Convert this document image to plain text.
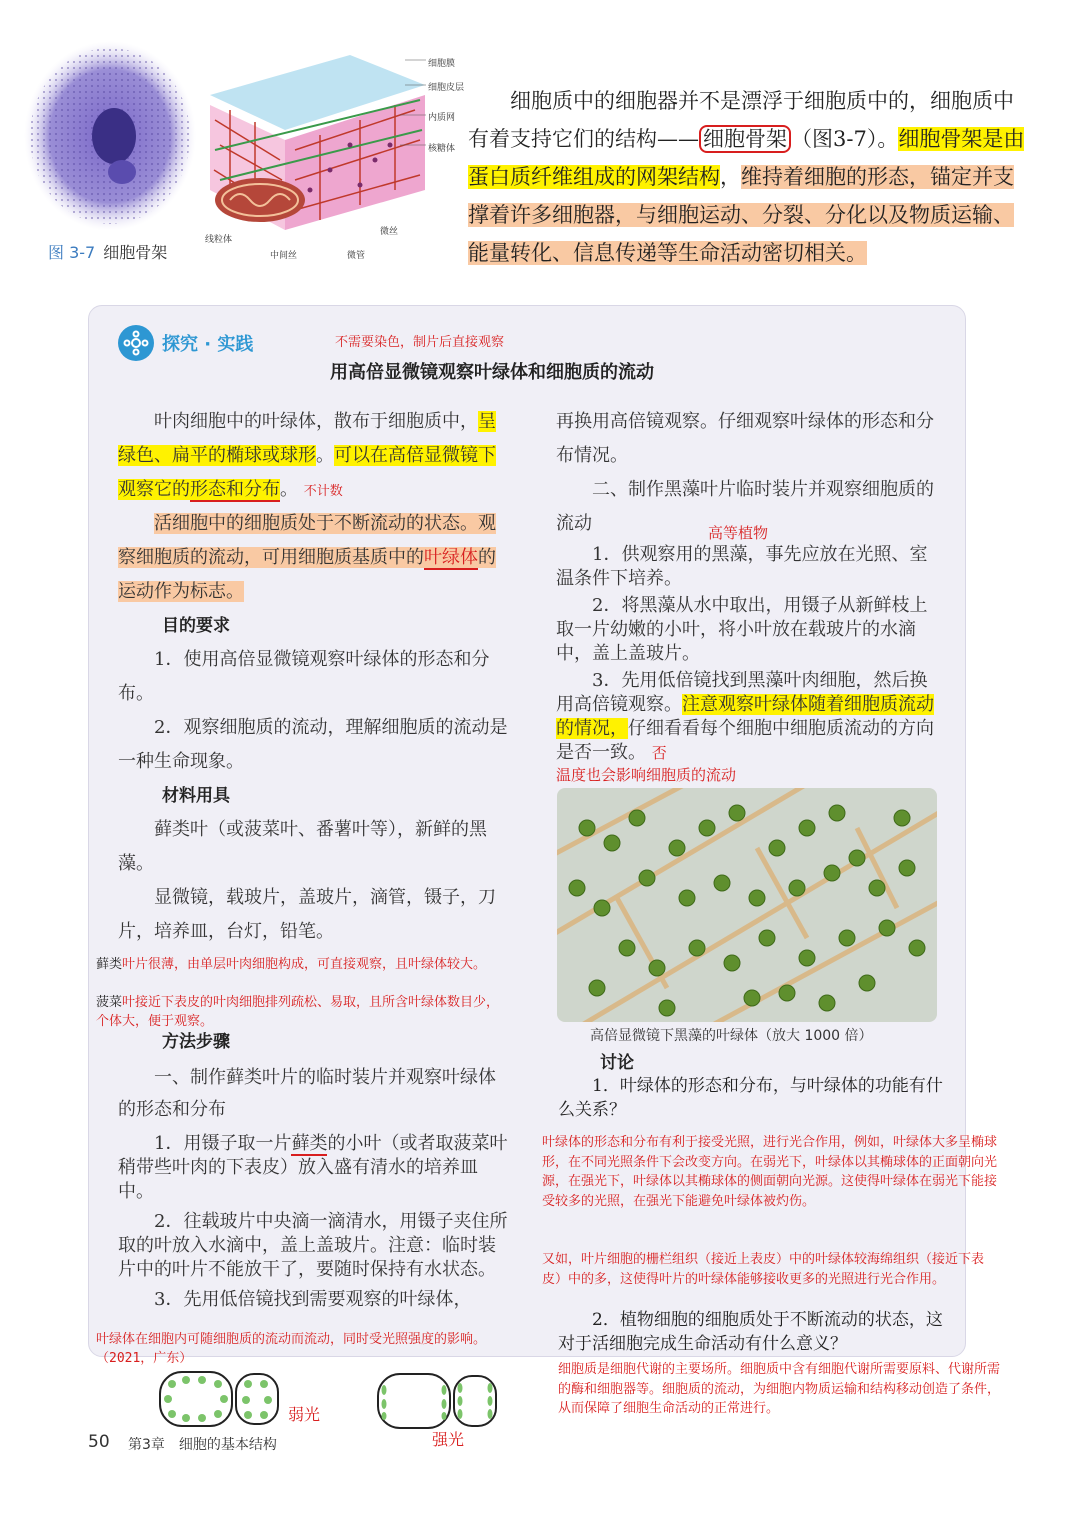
细胞膜
细胞皮层
内质网
核糖体
线粒体
中间丝	微管
微丝
图 3-7 细胞骨架
细胞质中的细胞器并不是漂浮于细胞质中的，细胞质中有着支持它们的结构—— 细胞骨架 （图3-7）。细胞骨架是由蛋白质纤维组成的网架结构，维持着细胞的形态，锚定并支撑着许多细胞器，与细胞运动、分裂、分化以及物质运输、能量转化、信息传递等生命活动密切相关。
探究 · 实践	不需要染色，制片后直接观察
用高倍显微镜观察叶绿体和细胞质的流动

叶肉细胞中的叶绿体，散布于细胞质中，呈绿色、扁平的椭球或球形。可以在高倍显微镜下观察它的形态和分布。 不计数

活细胞中的细胞质处于不断流动的状态。观察细胞质的流动，可用细胞质基质中的叶绿体的运动作为标志。

目的要求

1．使用高倍显微镜观察叶绿体的形态和分布。

2．观察细胞质的流动，理解细胞质的流动是一种生命现象。

材料用具

藓类叶（或菠菜叶、番薯叶等），新鲜的黑藻。

显微镜，载玻片，盖玻片，滴管，镊子，刀片，培养皿，台灯，铅笔。

藓类叶片很薄，由单层叶肉细胞构成，可直接观察，且叶绿体较大。
菠菜叶接近下表皮的叶肉细胞排列疏松、易取，且所含叶绿体数目少，个体大，便于观察。

方法步骤

一、制作藓类叶片的临时装片并观察叶绿体的形态和分布

1．用镊子取一片藓类的小叶（或者取菠菜叶稍带些叶肉的下表皮）放入盛有清水的培养皿中。

2．往载玻片中央滴一滴清水，用镊子夹住所取的叶放入水滴中，盖上盖玻片。注意：临时装片中的叶片不能放干了，要随时保持有水状态。

3．先用低倍镜找到需要观察的叶绿体，

叶绿体在细胞内可随细胞质的流动而流动，同时受光照强度的影响。（2021，广东）
弱光
强光

再换用高倍镜观察。仔细观察叶绿体的形态和分布情况。

二、制作黑藻叶片临时装片并观察细胞质的流动	高等植物

1．供观察用的黑藻，事先应放在光照、室温条件下培养。

2．将黑藻从水中取出，用镊子从新鲜枝上取一片幼嫩的小叶，将小叶放在载玻片的水滴中，盖上盖玻片。

3．先用低倍镜找到黑藻叶肉细胞，然后换用高倍镜观察。注意观察叶绿体随着细胞质流动的情况，仔细看看每个细胞中细胞质流动的方向是否一致。 否

温度也会影响细胞质的流动
高倍显微镜下黑藻的叶绿体（放大 1000 倍）
讨论
1．叶绿体的形态和分布，与叶绿体的功能有什么关系？
叶绿体的形态和分布有利于接受光照，进行光合作用，例如，叶绿体大多呈椭球形，在不同光照条件下会改变方向。在弱光下，叶绿体以其椭球体的正面朝向光源，在强光下，叶绿体以其椭球体的侧面朝向光源。这使得叶绿体在弱光下能接受较多的光照，在强光下能避免叶绿体被灼伤。
又如，叶片细胞的栅栏组织（接近上表皮）中的叶绿体较海绵组织（接近下表皮）中的多，这使得叶片的叶绿体能够接收更多的光照进行光合作用。
2．植物细胞的细胞质处于不断流动的状态，这对于活细胞完成生命活动有什么意义？
细胞质是细胞代谢的主要场所。细胞质中含有细胞代谢所需要原料、代谢所需的酶和细胞器等。细胞质的流动，为细胞内物质运输和结构移动创造了条件，从而保障了细胞生命活动的正常进行。
50 第3章　细胞的基本结构
